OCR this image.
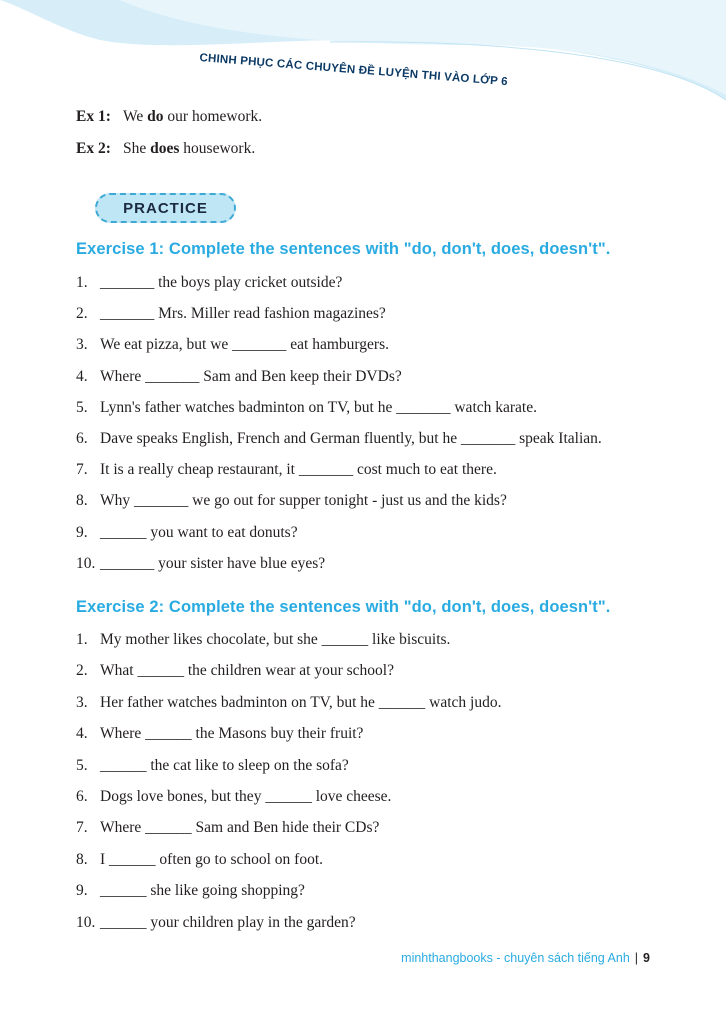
CHINH PHỤC CÁC CHUYÊN ĐỀ LUYỆN THI VÀO LỚP 6
Ex 1: We do our homework.
Ex 2: She does housework.
PRACTICE
Exercise 1: Complete the sentences with "do, don't, does, doesn't".
1. _______ the boys play cricket outside?
2. _______ Mrs. Miller read fashion magazines?
3. We eat pizza, but we _______ eat hamburgers.
4. Where _______ Sam and Ben keep their DVDs?
5. Lynn's father watches badminton on TV, but he _______ watch karate.
6. Dave speaks English, French and German fluently, but he _______ speak Italian.
7. It is a really cheap restaurant, it _______ cost much to eat there.
8. Why _______ we go out for supper tonight - just us and the kids?
9. ______ you want to eat donuts?
10. _______ your sister have blue eyes?
Exercise 2: Complete the sentences with "do, don't, does, doesn't".
1. My mother likes chocolate, but she ______ like biscuits.
2. What ______ the children wear at your school?
3. Her father watches badminton on TV, but he ______ watch judo.
4. Where ______ the Masons buy their fruit?
5. ______ the cat like to sleep on the sofa?
6. Dogs love bones, but they ______ love cheese.
7. Where ______ Sam and Ben hide their CDs?
8. I ______ often go to school on foot.
9. ______ she like going shopping?
10. ______ your children play in the garden?
minhthangbooks - chuyên sách tiếng Anh | 9
